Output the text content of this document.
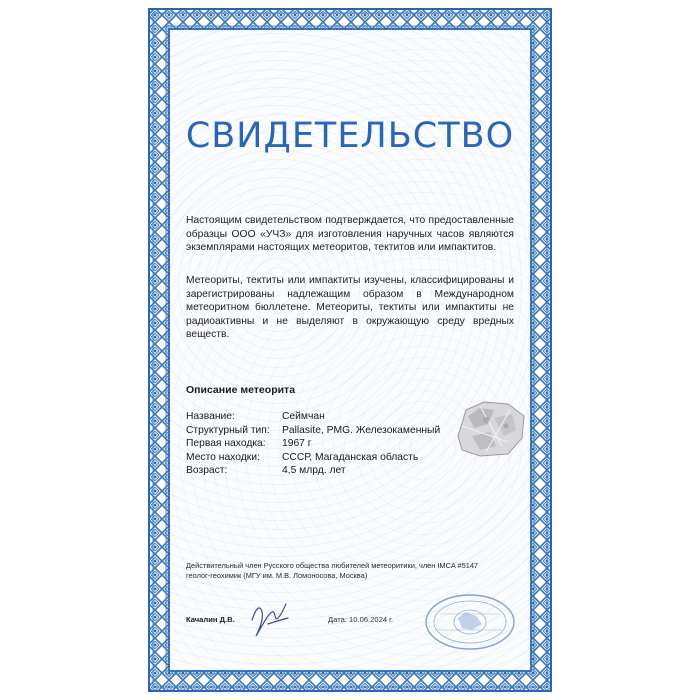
СВИДЕТЕЛЬСТВО
Настоящим свидетельством подтверждается, что предоставленные образцы ООО «УЧЗ» для изготовления наручных часов являются экземплярами настоящих метеоритов, тектитов или импактитов.
Метеориты, тектиты или импактиты изучены, классифицированы и зарегистрированы надлежащим образом в Международном метеоритном бюллетене. Метеориты, тектиты или импактиты не радиоактивны и не выделяют в окружающую среду вредных веществ.
Описание метеорита
Название:	Сеймчан
Структурный тип:	Pallasite, PMG. Железокаменный
Первая находка:	1967 г
Место находки:	СССР, Магаданская область
Возраст:	4,5 млрд. лет
Действительный член Русского общества любителей метеоритики, член IMCA #5147
геолог-геохимик (МГУ им. М.В. Ломоносова, Москва)
Качалин Д.В.	Дата: 10.06.2024 г.
